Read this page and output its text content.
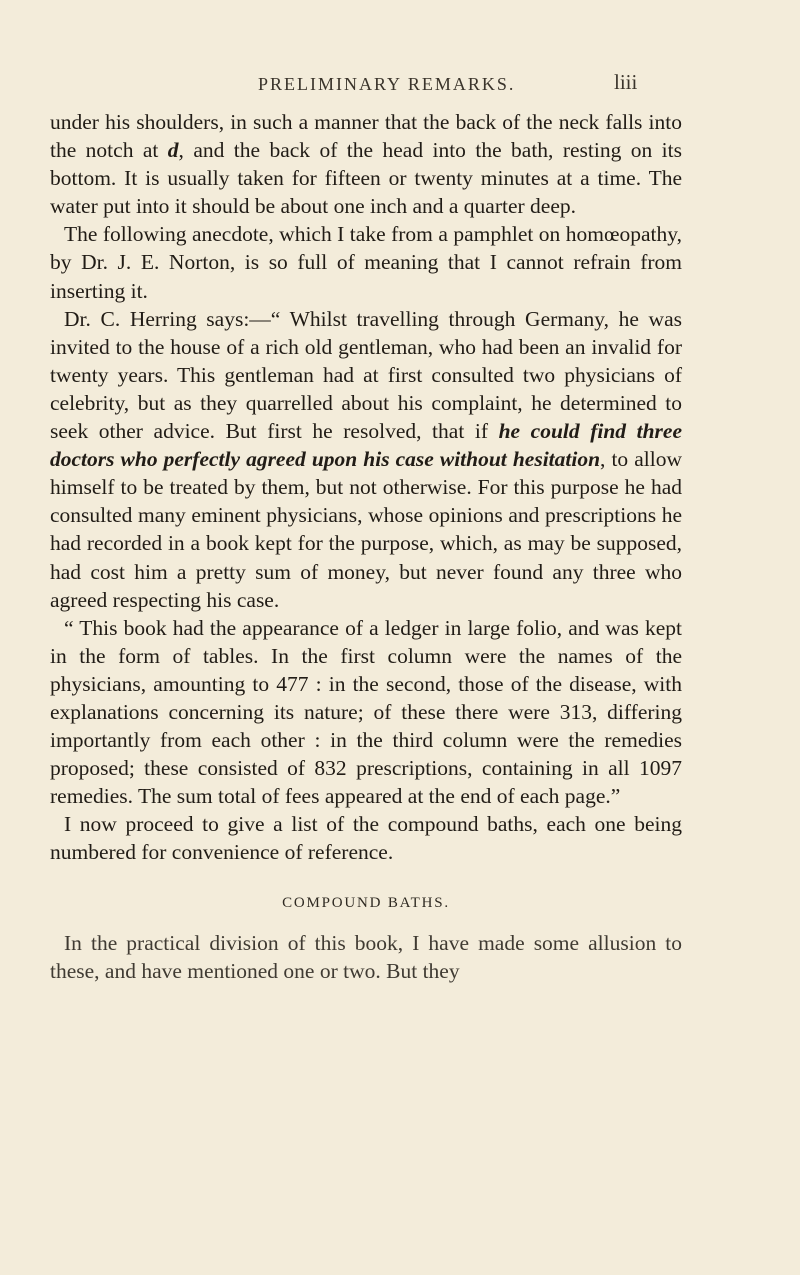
PRELIMINARY REMARKS.	liii

under his shoulders, in such a manner that the back of the neck falls into the notch at d, and the back of the head into the bath, resting on its bottom. It is usually taken for fifteen or twenty minutes at a time. The water put into it should be about one inch and a quarter deep.

The following anecdote, which I take from a pamphlet on homœopathy, by Dr. J. E. Norton, is so full of meaning that I cannot refrain from inserting it.

Dr. C. Herring says:—“ Whilst travelling through Germany, he was invited to the house of a rich old gentleman, who had been an invalid for twenty years. This gentleman had at first consulted two physicians of celebrity, but as they quarrelled about his complaint, he determined to seek other advice. But first he resolved, that if he could find three doctors who perfectly agreed upon his case without hesitation, to allow himself to be treated by them, but not otherwise. For this purpose he had consulted many eminent physicians, whose opinions and prescriptions he had recorded in a book kept for the purpose, which, as may be supposed, had cost him a pretty sum of money, but never found any three who agreed respecting his case.

“ This book had the appearance of a ledger in large folio, and was kept in the form of tables. In the first column were the names of the physicians, amounting to 477 : in the second, those of the disease, with explanations concerning its nature; of these there were 313, differing importantly from each other : in the third column were the remedies proposed; these consisted of 832 prescriptions, containing in all 1097 remedies. The sum total of fees appeared at the end of each page.”

I now proceed to give a list of the compound baths, each one being numbered for convenience of reference.

COMPOUND BATHS.

In the practical division of this book, I have made some allusion to these, and have mentioned one or two. But they
